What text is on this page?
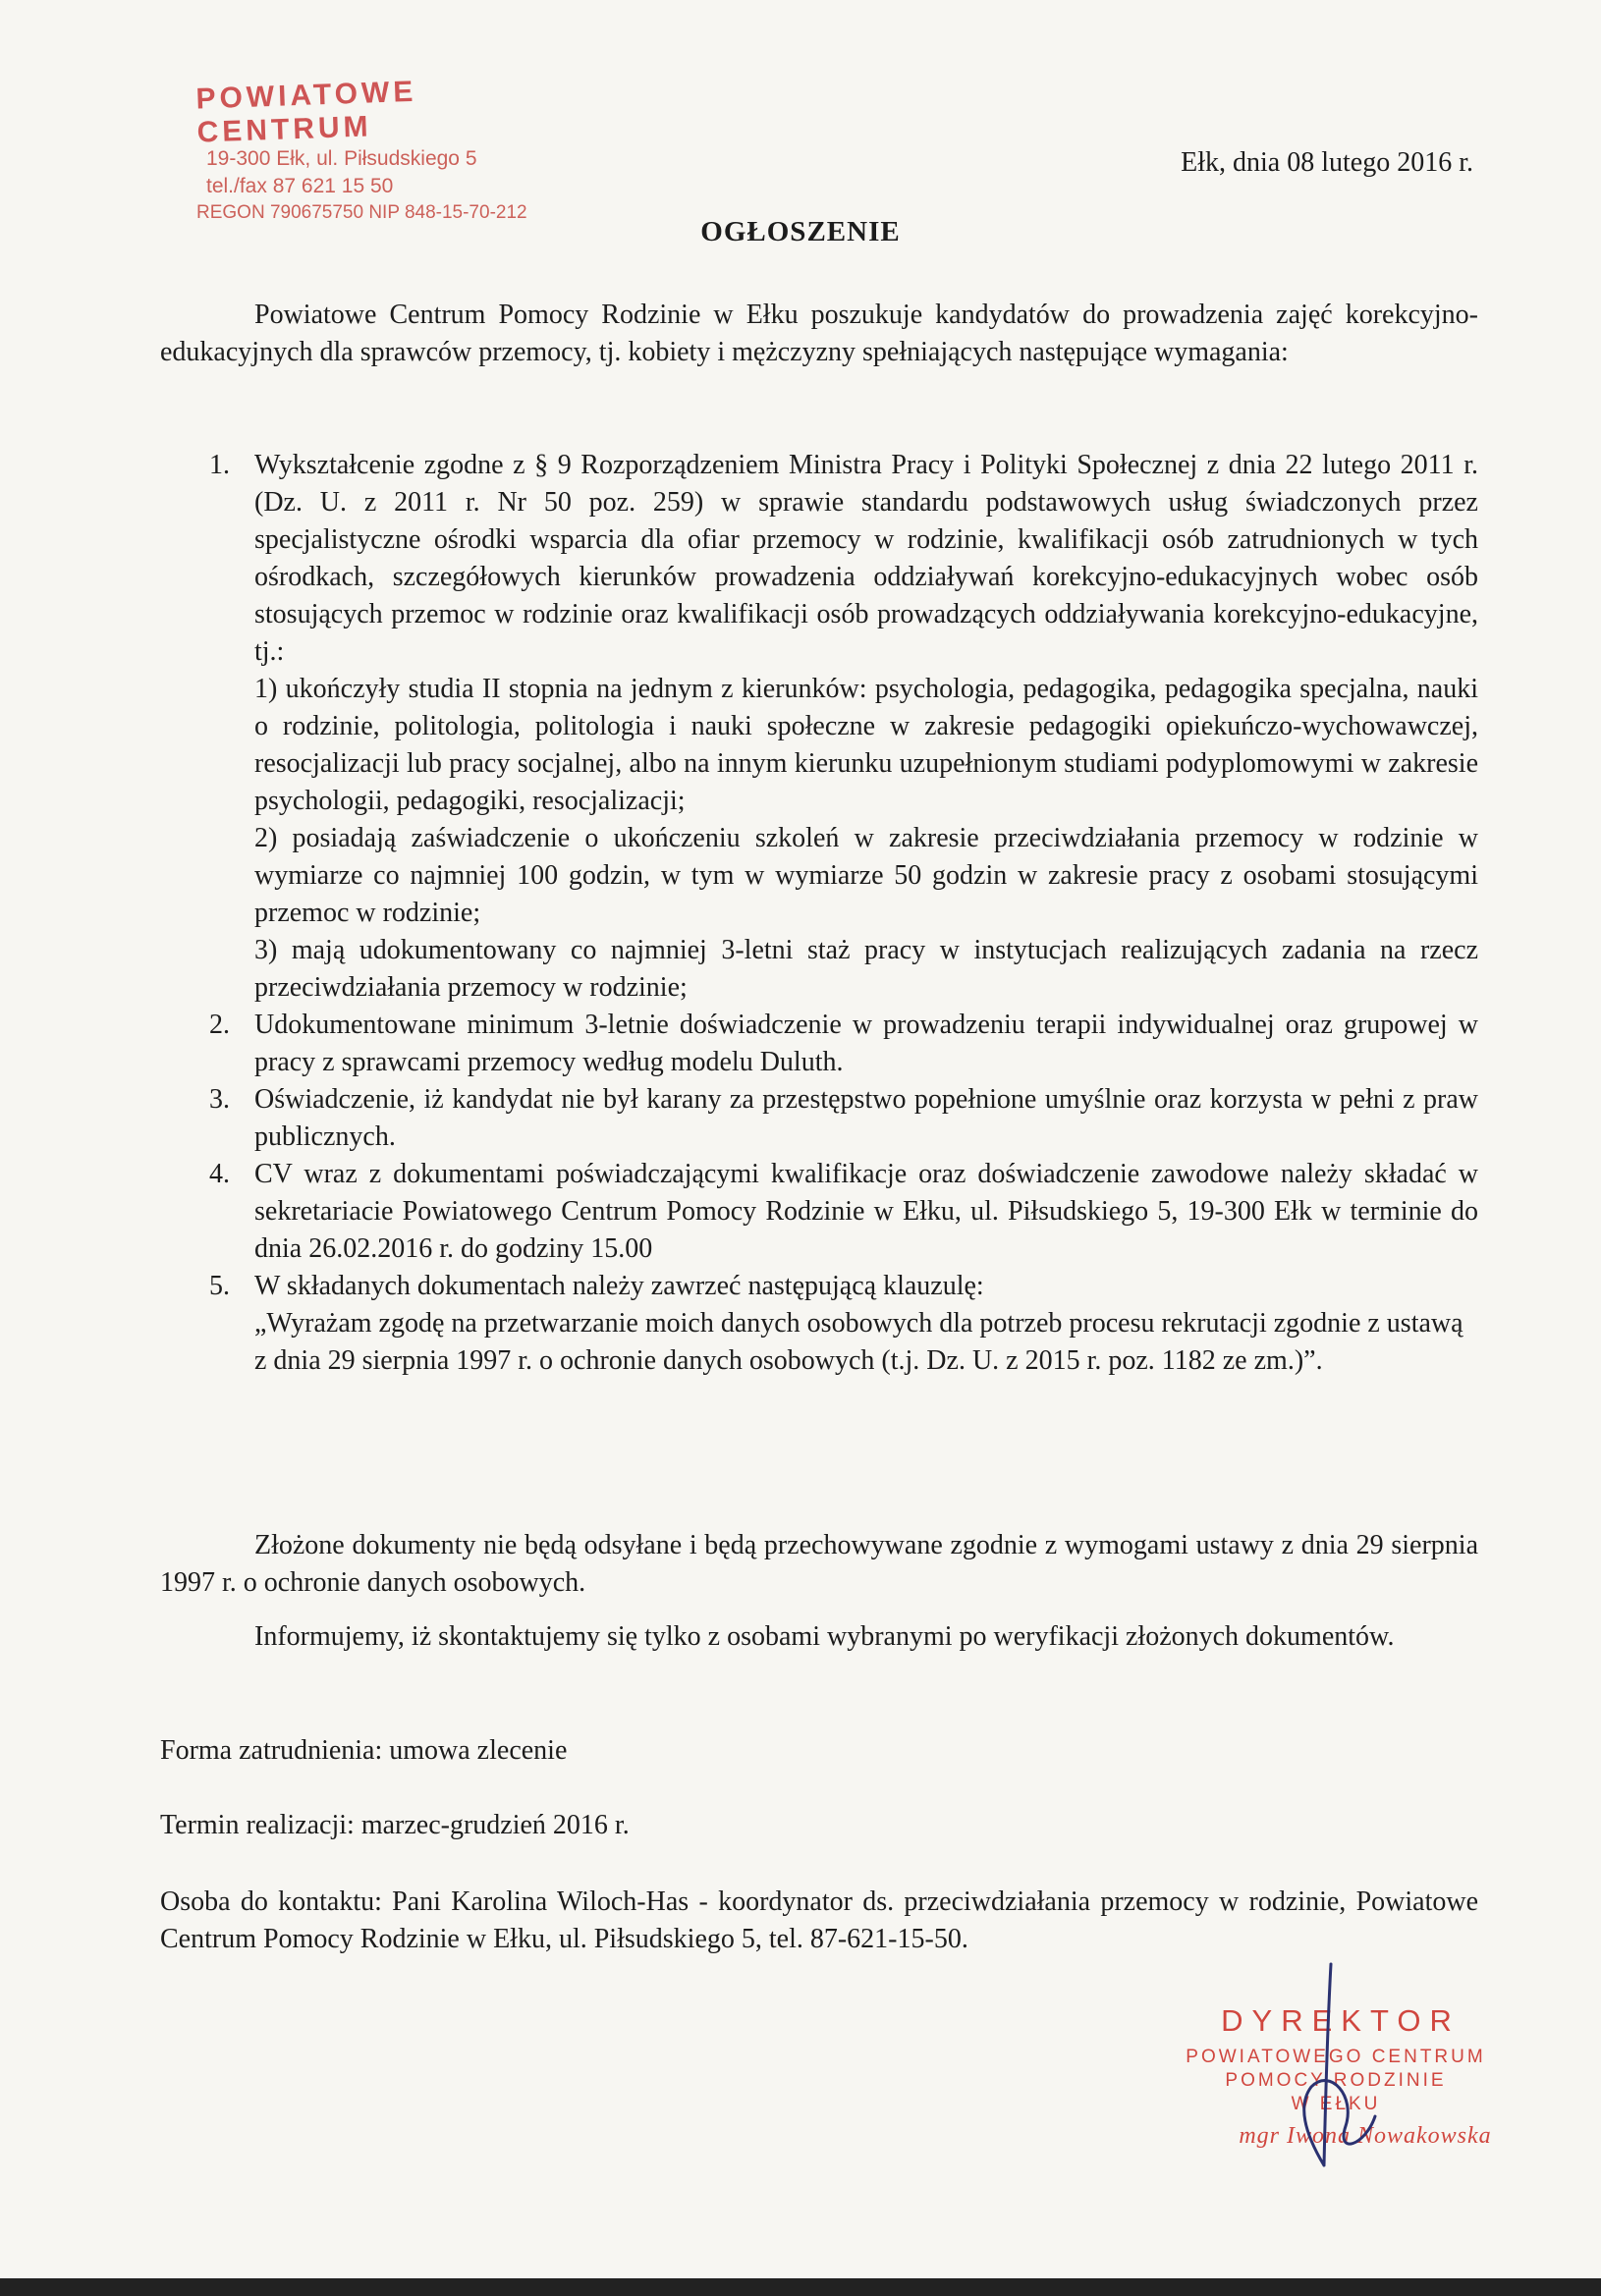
POWIATOWE CENTRUM
19-300 Ełk, ul. Piłsudskiego 5
tel./fax 87 621 15 50
REGON 790675750 NIP 848-15-70-212
Ełk, dnia 08 lutego 2016 r.
OGŁOSZENIE
Powiatowe Centrum Pomocy Rodzinie w Ełku poszukuje kandydatów do prowadzenia zajęć korekcyjno-edukacyjnych dla sprawców przemocy, tj. kobiety i mężczyzny spełniających następujące wymagania:
1. Wykształcenie zgodne z § 9 Rozporządzeniem Ministra Pracy i Polityki Społecznej z dnia 22 lutego 2011 r. (Dz. U. z 2011 r. Nr 50 poz. 259) w sprawie standardu podstawowych usług świadczonych przez specjalistyczne ośrodki wsparcia dla ofiar przemocy w rodzinie, kwalifikacji osób zatrudnionych w tych ośrodkach, szczegółowych kierunków prowadzenia oddziaływań korekcyjno-edukacyjnych wobec osób stosujących przemoc w rodzinie oraz kwalifikacji osób prowadzących oddziaływania korekcyjno-edukacyjne, tj.:
1) ukończyły studia II stopnia na jednym z kierunków: psychologia, pedagogika, pedagogika specjalna, nauki o rodzinie, politologia, politologia i nauki społeczne w zakresie pedagogiki opiekuńczo-wychowawczej, resocjalizacji lub pracy socjalnej, albo na innym kierunku uzupełnionym studiami podyplomowymi w zakresie psychologii, pedagogiki, resocjalizacji;
2) posiadają zaświadczenie o ukończeniu szkoleń w zakresie przeciwdziałania przemocy w rodzinie w wymiarze co najmniej 100 godzin, w tym w wymiarze 50 godzin w zakresie pracy z osobami stosującymi przemoc w rodzinie;
3) mają udokumentowany co najmniej 3-letni staż pracy w instytucjach realizujących zadania na rzecz przeciwdziałania przemocy w rodzinie;
2. Udokumentowane minimum 3-letnie doświadczenie w prowadzeniu terapii indywidualnej oraz grupowej w pracy z sprawcami przemocy według modelu Duluth.
3. Oświadczenie, iż kandydat nie był karany za przestępstwo popełnione umyślnie oraz korzysta w pełni z praw publicznych.
4. CV wraz z dokumentami poświadczającymi kwalifikacje oraz doświadczenie zawodowe należy składać w sekretariacie Powiatowego Centrum Pomocy Rodzinie w Ełku, ul. Piłsudskiego 5, 19-300 Ełk w terminie do dnia 26.02.2016 r. do godziny 15.00
5. W składanych dokumentach należy zawrzeć następującą klauzulę:
„Wyrażam zgodę na przetwarzanie moich danych osobowych dla potrzeb procesu rekrutacji zgodnie z ustawą z dnia 29 sierpnia 1997 r. o ochronie danych osobowych (t.j. Dz. U. z 2015 r. poz. 1182 ze zm.)”.
Złożone dokumenty nie będą odsyłane i będą przechowywane zgodnie z wymogami ustawy z dnia 29 sierpnia 1997 r. o ochronie danych osobowych.
Informujemy, iż skontaktujemy się tylko z osobami wybranymi po weryfikacji złożonych dokumentów.
Forma zatrudnienia: umowa zlecenie
Termin realizacji: marzec-grudzień 2016 r.
Osoba do kontaktu: Pani Karolina Wiloch-Has - koordynator ds. przeciwdziałania przemocy w rodzinie, Powiatowe Centrum Pomocy Rodzinie w Ełku, ul. Piłsudskiego 5, tel. 87-621-15-50.
DYREKTOR
POWIATOWEGO CENTRUM
POMOCY RODZINIE
W EŁKU
mgr Iwona Nowakowska
